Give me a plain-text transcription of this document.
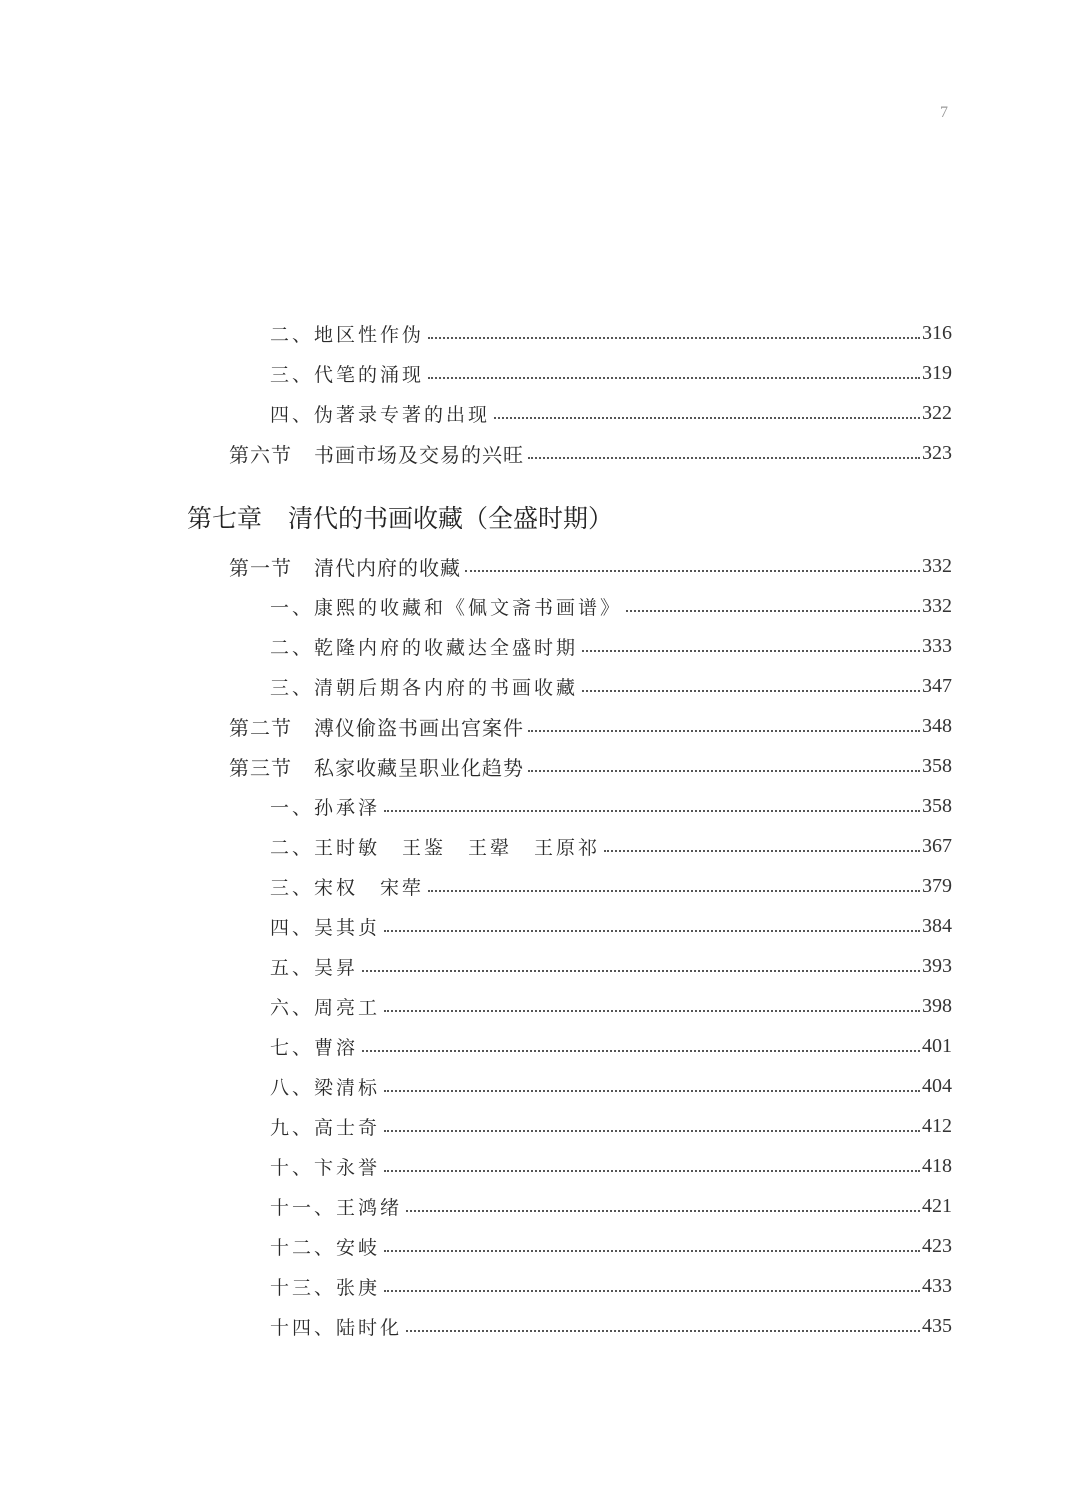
7
二、地区性作伪	316
三、代笔的涌现	319
四、伪著录专著的出现	322
第六节 书画市场及交易的兴旺	323
第七章 清代的书画收藏（全盛时期）
第一节 清代内府的收藏	332
一、康熙的收藏和《佩文斋书画谱》	332
二、乾隆内府的收藏达全盛时期	333
三、清朝后期各内府的书画收藏	347
第二节 溥仪偷盗书画出宫案件	348
第三节 私家收藏呈职业化趋势	358
一、孙承泽	358
二、王时敏　王鉴　王翚　王原祁	367
三、宋权　宋荦	379
四、吴其贞	384
五、吴昇	393
六、周亮工	398
七、曹溶	401
八、梁清标	404
九、高士奇	412
十、卞永誉	418
十一、王鸿绪	421
十二、安岐	423
十三、张庚	433
十四、陆时化	435
